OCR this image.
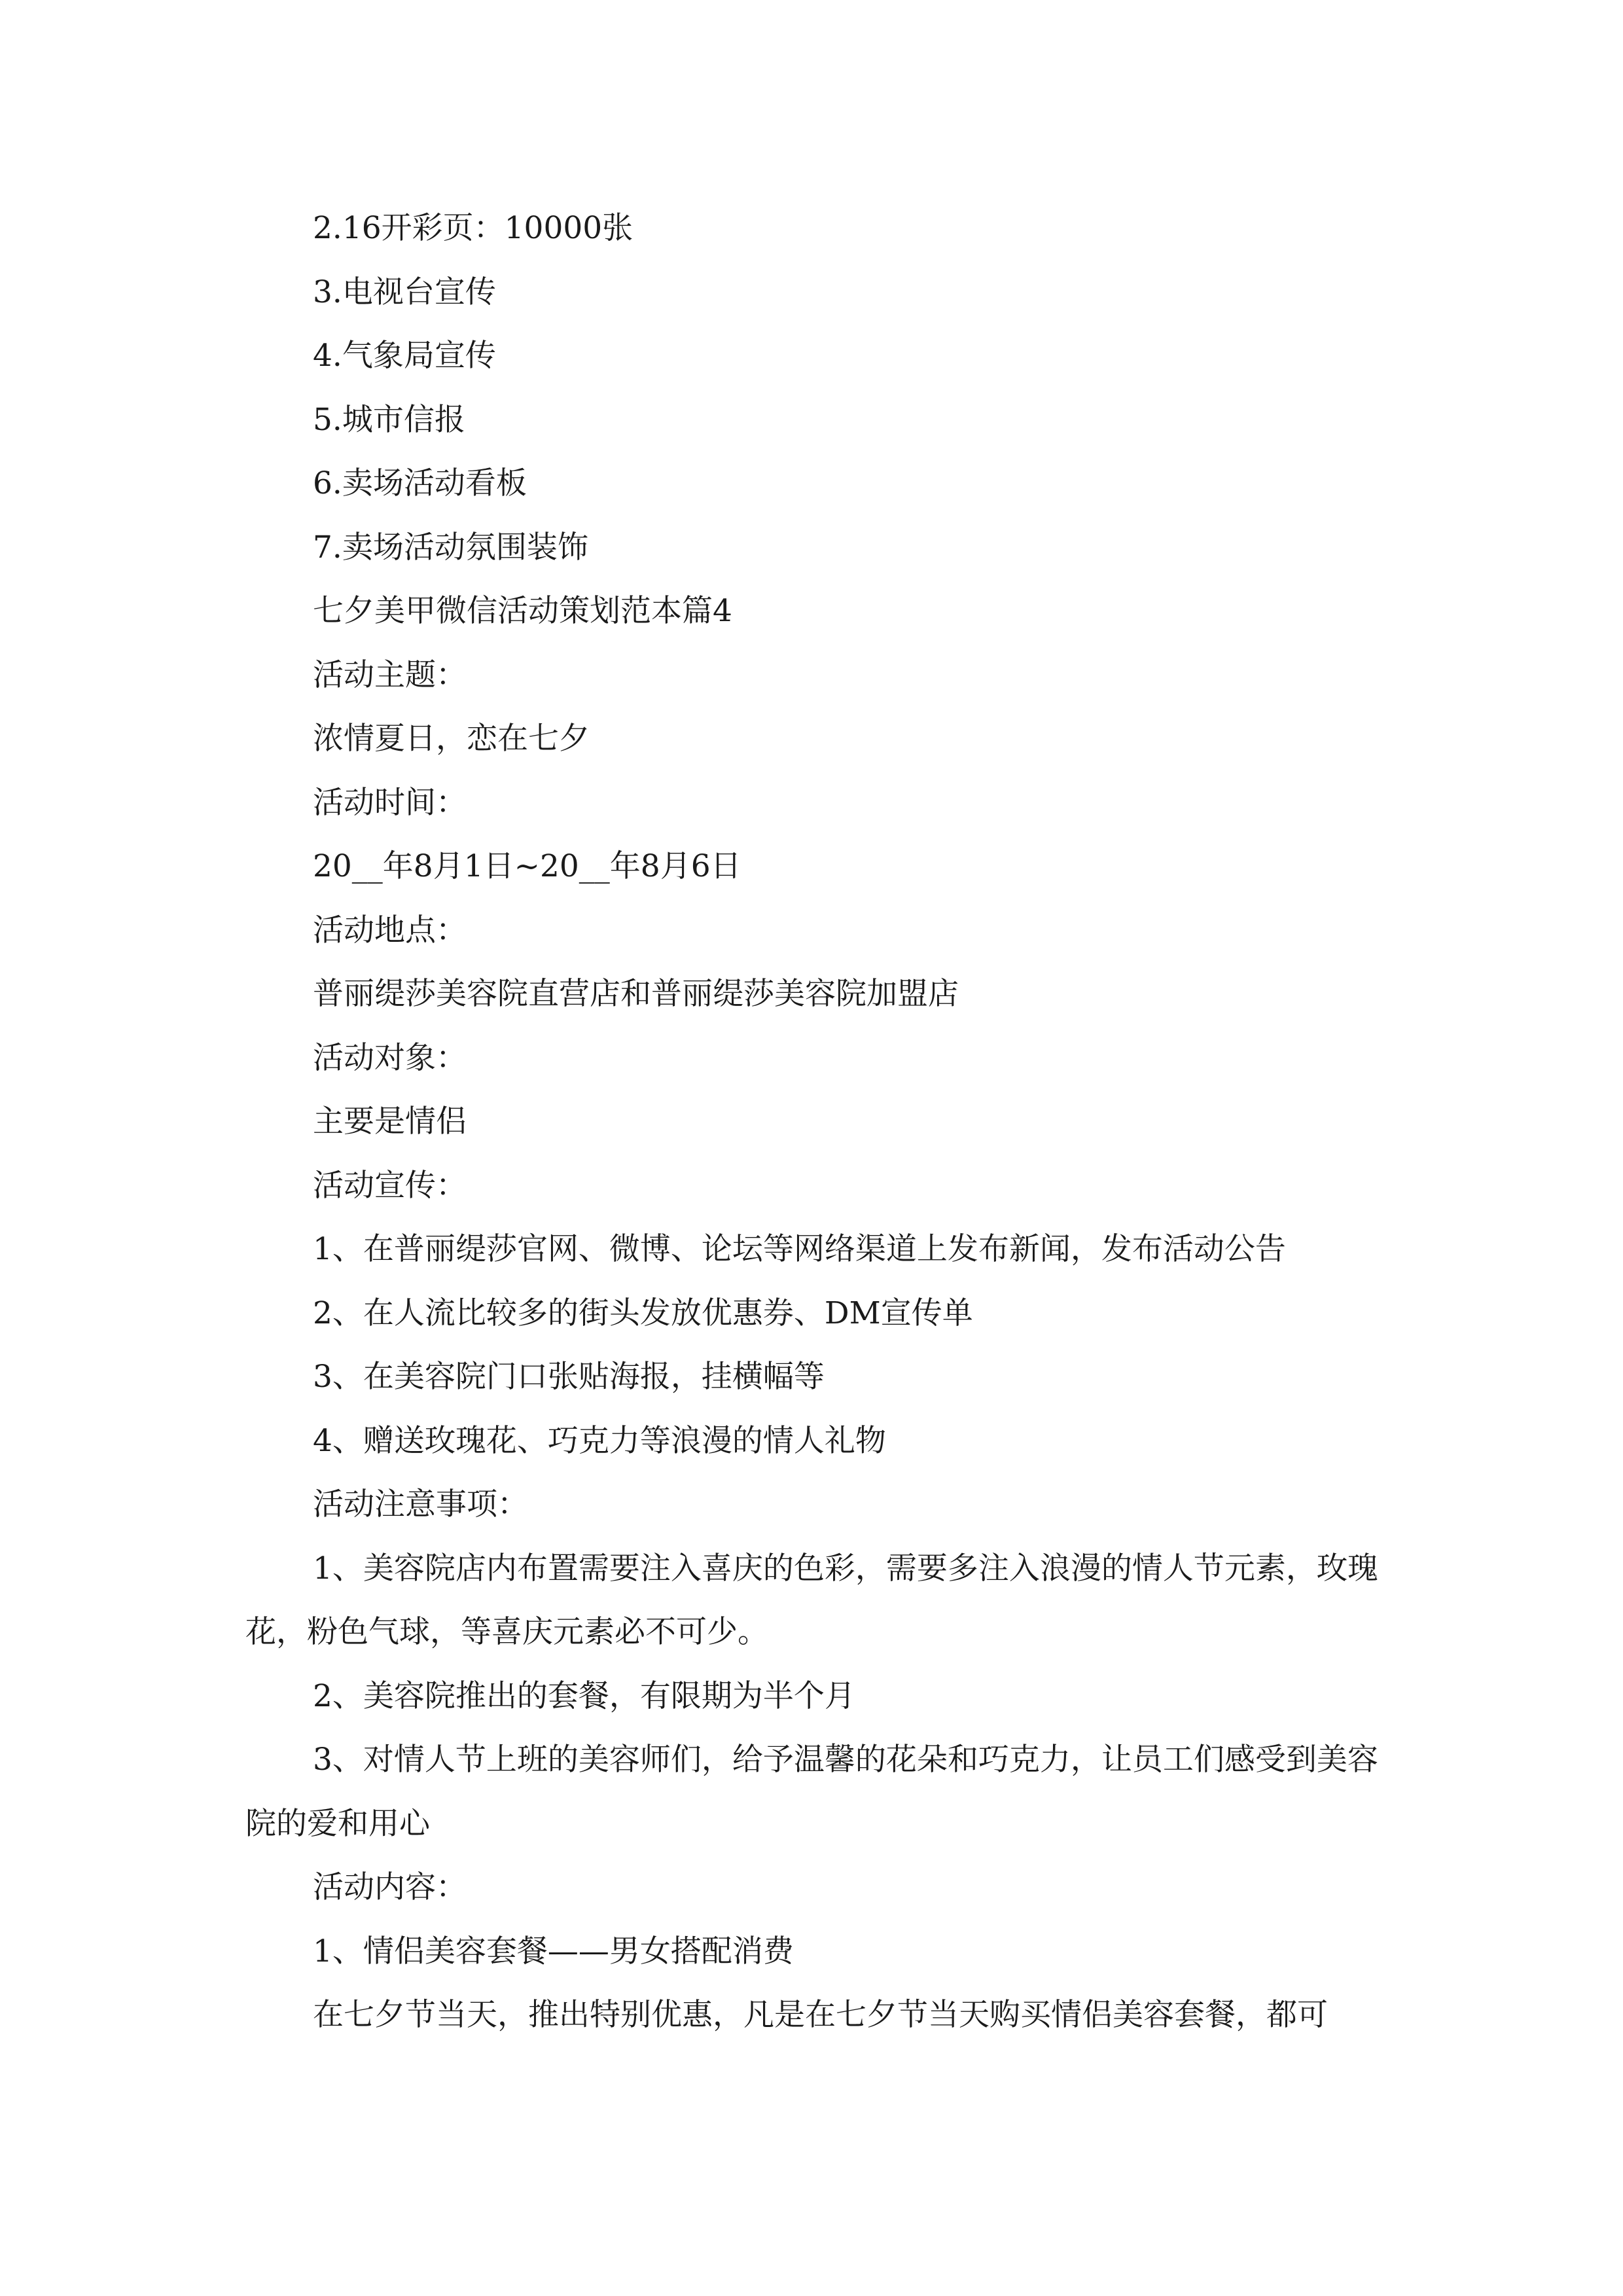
2.16开彩页：10000张

3.电视台宣传

4.气象局宣传

5.城市信报

6.卖场活动看板

7.卖场活动氛围装饰

七夕美甲微信活动策划范本篇4

活动主题：

浓情夏日，恋在七夕

活动时间：

20__年8月1日~20__年8月6日

活动地点：

普丽缇莎美容院直营店和普丽缇莎美容院加盟店

活动对象：

主要是情侣

活动宣传：

1、在普丽缇莎官网、微博、论坛等网络渠道上发布新闻，发布活动公告

2、在人流比较多的街头发放优惠券、DM宣传单

3、在美容院门口张贴海报，挂横幅等

4、赠送玫瑰花、巧克力等浪漫的情人礼物

活动注意事项：

1、美容院店内布置需要注入喜庆的色彩，需要多注入浪漫的情人节元素，玫瑰花，粉色气球，等喜庆元素必不可少。

2、美容院推出的套餐，有限期为半个月

3、对情人节上班的美容师们，给予温馨的花朵和巧克力，让员工们感受到美容院的爱和用心

活动内容：

1、情侣美容套餐——男女搭配消费

在七夕节当天，推出特别优惠，凡是在七夕节当天购买情侣美容套餐，都可
